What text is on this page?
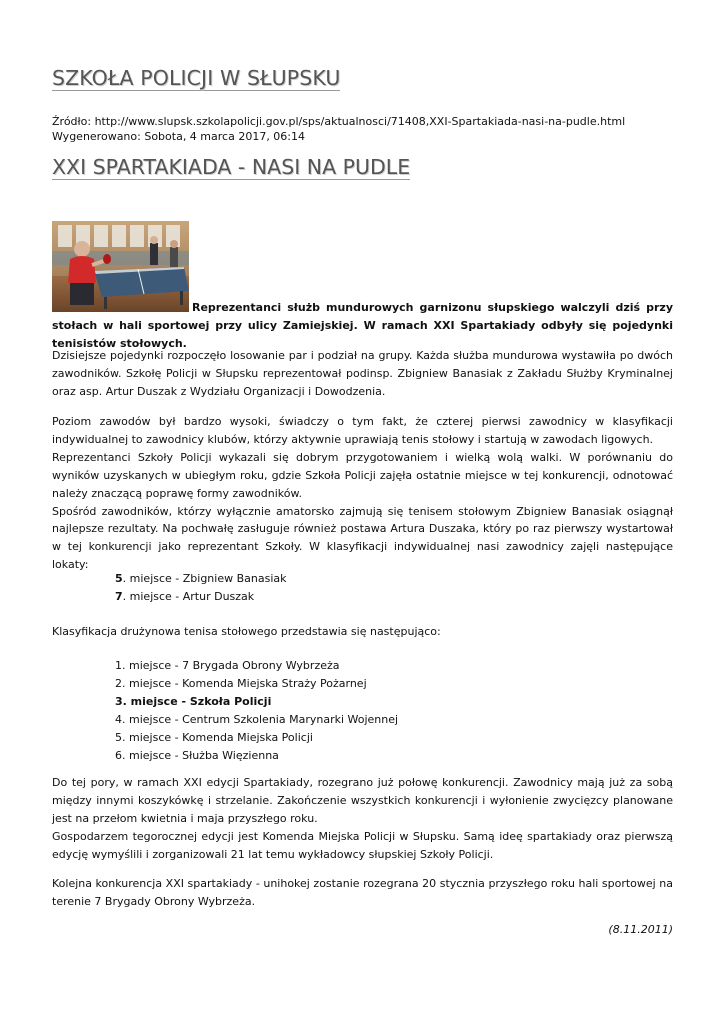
SZKOŁA POLICJI W SŁUPSKU
Źródło: http://www.slupsk.szkolapolicji.gov.pl/sps/aktualnosci/71408,XXI-Spartakiada-nasi-na-pudle.html
Wygenerowano: Sobota, 4 marca 2017, 06:14
XXI SPARTAKIADA - NASI NA PUDLE
Reprezentanci służb mundurowych garnizonu słupskiego walczyli dziś przy stołach w hali sportowej przy ulicy Zamiejskiej. W ramach XXI Spartakiady odbyły się pojedynki tenisistów stołowych.
Dzisiejsze pojedynki rozpoczęło losowanie par i podział na grupy. Każda służba mundurowa wystawiła po dwóch zawodników. Szkołę Policji w Słupsku reprezentował podinsp. Zbigniew Banasiak z Zakładu Służby Kryminalnej oraz asp. Artur Duszak z Wydziału Organizacji i Dowodzenia.

Poziom zawodów był bardzo wysoki, świadczy o tym fakt, że czterej pierwsi zawodnicy w klasyfikacji indywidualnej to zawodnicy klubów, którzy aktywnie uprawiają tenis stołowy i startują w zawodach ligowych.

Reprezentanci Szkoły Policji wykazali się dobrym przygotowaniem i wielką wolą walki. W porównaniu do wyników uzyskanych w ubiegłym roku, gdzie Szkoła Policji zajęła ostatnie miejsce w tej konkurencji, odnotować należy znaczącą poprawę formy zawodników.

Spośród zawodników, którzy wyłącznie amatorsko zajmują się tenisem stołowym Zbigniew Banasiak osiągnął najlepsze rezultaty. Na pochwałę zasługuje również postawa Artura Duszaka, który po raz pierwszy wystartował w tej konkurencji jako reprezentant Szkoły. W klasyfikacji indywidualnej nasi zawodnicy zajęli następujące lokaty:

5. miejsce - Zbigniew Banasiak
7. miejsce - Artur Duszak
Klasyfikacja drużynowa tenisa stołowego przedstawia się następująco:
1. miejsce - 7 Brygada Obrony Wybrzeża
2. miejsce - Komenda Miejska Straży Pożarnej
3. miejsce - Szkoła Policji
4. miejsce - Centrum Szkolenia Marynarki Wojennej
5. miejsce - Komenda Miejska Policji
6. miejsce - Służba Więzienna

Do tej pory, w ramach XXI edycji Spartakiady, rozegrano już połowę konkurencji. Zawodnicy mają już za sobą między innymi koszykówkę i strzelanie. Zakończenie wszystkich konkurencji i wyłonienie zwycięzcy planowane jest na przełom kwietnia i maja przyszłego roku.

Gospodarzem tegorocznej edycji jest Komenda Miejska Policji w Słupsku. Samą ideę spartakiady oraz pierwszą edycję wymyślili i zorganizowali 21 lat temu wykładowcy słupskiej Szkoły Policji.

Kolejna konkurencja XXI spartakiady - unihokej zostanie rozegrana 20 stycznia przyszłego roku hali sportowej na terenie 7 Brygady Obrony Wybrzeża.
(8.11.2011)
